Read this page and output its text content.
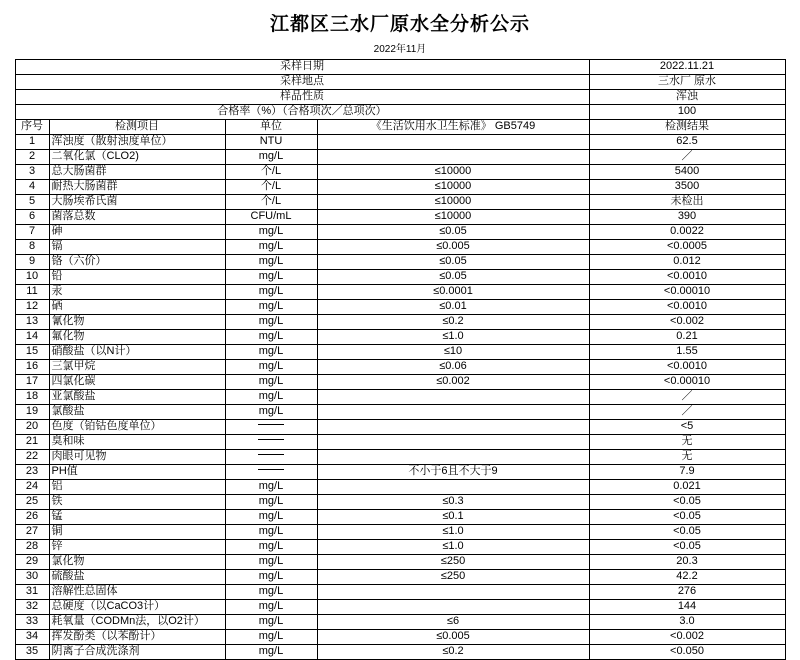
江都区三水厂原水全分析公示
2022年11月
采样日期				2022.11.21
采样地点				三水厂 原水
样品性质				浑浊
合格率（%）（合格项次／总项次）				100
序号	检测项目	单位	《生活饮用水卫生标准》 GB5749	检测结果
1	浑浊度（散射浊度单位）	NTU		62.5
2	二氧化氯（CLO2)	mg/L		／
3	总大肠菌群	个/L	≤10000	5400
4	耐热大肠菌群	个/L	≤10000	3500
5	大肠埃希氏菌	个/L	≤10000	未检出
6	菌落总数	CFU/mL	≤10000	390
7	砷	mg/L	≤0.05	0.0022
8	镉	mg/L	≤0.005	<0.0005
9	铬（六价）	mg/L	≤0.05	0.012
10	铅	mg/L	≤0.05	<0.0010
11	汞	mg/L	≤0.0001	<0.00010
12	硒	mg/L	≤0.01	<0.0010
13	氰化物	mg/L	≤0.2	<0.002
14	氟化物	mg/L	≤1.0	0.21
15	硝酸盐（以N计）	mg/L	≤10	1.55
16	三氯甲烷	mg/L	≤0.06	<0.0010
17	四氯化碳	mg/L	≤0.002	<0.00010
18	亚氯酸盐	mg/L		／
19	氯酸盐	mg/L		／
20	色度（铂钴色度单位）			<5
21	臭和味			无
22	肉眼可见物			无
23	PH值		不小于6且不大于9	7.9
24	铝	mg/L		0.021
25	铁	mg/L	≤0.3	<0.05
26	锰	mg/L	≤0.1	<0.05
27	铜	mg/L	≤1.0	<0.05
28	锌	mg/L	≤1.0	<0.05
29	氯化物	mg/L	≤250	20.3
30	硫酸盐	mg/L	≤250	42.2
31	溶解性总固体	mg/L		276
32	总硬度（以CaCO3计）	mg/L		144
33	耗氧量（CODMn法，以O2计）	mg/L	≤6	3.0
34	挥发酚类（以苯酚计）	mg/L	≤0.005	<0.002
35	阴离子合成洗涤剂	mg/L	≤0.2	<0.050
